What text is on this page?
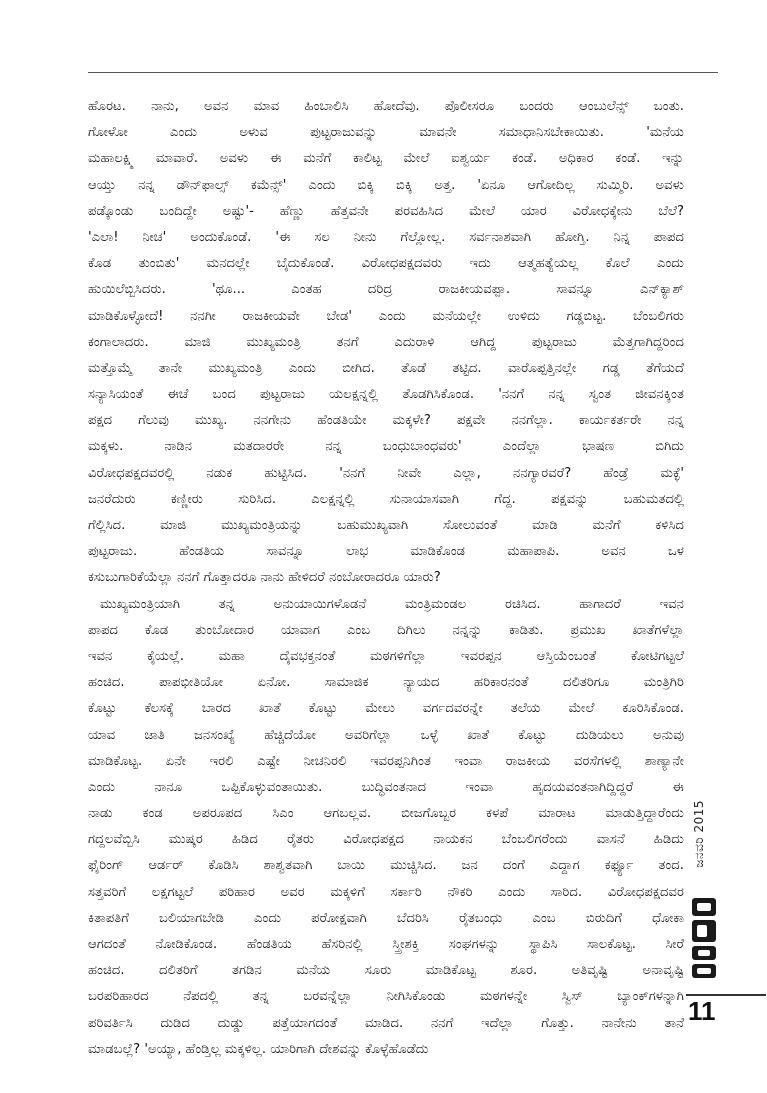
ಹೊರಟ. ನಾನು, ಅವನ ಮಾವ ಹಿಂಬಾಲಿಸಿ ಹೋದೆವು. ಪೊಲೀಸರೂ ಬಂದರು ಆಂಬುಲೆನ್ಸ್ ಬಂತು.
ಗೋಳೋ ಎಂದು ಅಳುವ ಪುಟ್ಟರಾಜುವನ್ನು ಮಾವನೇ ಸಮಾಧಾನಿಸಬೇಕಾಯಿತು. 'ಮನೆಯ
ಮಹಾಲಕ್ಷ್ಮಿ ಮಾವಾರೆ. ಅವಳು ಈ ಮನೆಗೆ ಕಾಲಿಟ್ಟ ಮೇಲೆ ಐಶ್ವರ್ಯ ಕಂಡೆ. ಅಧಿಕಾರ ಕಂಡೆ. ಇನ್ನು
ಆಯ್ತು ನನ್ನ ಡೌನ್‌ಫಾಲ್ಸ್ ಕಮೆನ್ಸ್' ಎಂದು ಬಿಕ್ಕಿ ಬಿಕ್ಕಿ ಅತ್ತ. 'ಏನೂ ಆಗೋದಿಲ್ಲ ಸುಮ್ಮಿರಿ. ಅವಳು
ಪಡ್ಕೊಂಡು ಬಂದಿದ್ದೇ ಅಷ್ಟು'- ಹೆಣ್ಣು ಹೆತ್ತವನೇ ಪರವಹಿಸಿದ ಮೇಲೆ ಯಾರ ವಿರೋಧಕ್ಕೇನು ಬೆಲೆ?
'ಎಲಾ! ನೀಚ' ಅಂದುಕೊಂಡೆ. 'ಈ ಸಲ ನೀನು ಗೆಲ್ಲೋಲ್ಲ. ಸರ್ವನಾಶವಾಗಿ ಹೋಗ್ತಿ. ನಿನ್ನ ಪಾಪದ
ಕೊಡ ತುಂಬಿತು' ಮನದಲ್ಲೇ ಬೈದುಕೊಂಡೆ. ವಿರೋಧಪಕ್ಷದವರು ಇದು ಆತ್ಮಹತ್ಯೆಯಲ್ಲ ಕೊಲೆ ಎಂದು
ಹುಯಿಲೆಬ್ಬಿಸಿದರು. 'ಥೂ... ಎಂತಹ ದರಿದ್ರ ರಾಜಕೀಯವಪ್ಪಾ. ಸಾವನ್ನೂ ಎನ್‌ಕ್ಯಾಶ್
ಮಾಡಿಕೊಳ್ಳೋದೆ! ನನಗೀ ರಾಜಕೀಯವೇ ಬೇಡ' ಎಂದು ಮನೆಯಲ್ಲೇ ಉಳಿದು ಗಡ್ಡಬಿಟ್ಟ. ಬೆಂಬಲಿಗರು
ಕಂಗಾಲಾದರು. ಮಾಜಿ ಮುಖ್ಯಮಂತ್ರಿ ತನಗೆ ಎದುರಾಳಿ ಆಗಿದ್ದ ಪುಟ್ಟರಾಜು ಮೆತ್ತಗಾಗಿದ್ದರಿಂದ
ಮತ್ತೊಮ್ಮೆ ತಾನೇ ಮುಖ್ಯಮಂತ್ರಿ ಎಂದು ಬೀಗಿದ. ತೊಡೆ ತಟ್ಟಿದ. ವಾರೊಪ್ಪತ್ತಿನಲ್ಲೇ ಗಡ್ಡ ತೆಗೆಯದೆ
ಸನ್ಯಾಸಿಯಂತೆ ಈಚೆ ಬಂದ ಪುಟ್ಟರಾಜು ಯಲಕ್ಷನ್ನಲ್ಲಿ ತೊಡಗಿಸಿಕೊಂಡ. 'ನನಗೆ ನನ್ನ ಸ್ವಂತ ಜೀವನಕ್ಕಿಂತ
ಪಕ್ಷದ ಗೆಲುವು ಮುಖ್ಯ. ನನಗೇನು ಹೆಂಡತಿಯೇ ಮಕ್ಕಳೇ? ಪಕ್ಷವೇ ನನಗೆಲ್ಲಾ. ಕಾರ್ಯಕರ್ತರೇ ನನ್ನ
ಮಕ್ಕಳು. ನಾಡಿನ ಮತದಾರರೇ ನನ್ನ ಬಂಧುಬಾಂಧವರು' ಎಂದೆಲ್ಲಾ ಭಾಷಣ ಬಿಗಿದು
ವಿರೋಧಪಕ್ಷದವರಲ್ಲಿ ನಡುಕ ಹುಟ್ಟಿಸಿದ. 'ನನಗೆ ನೀವೇ ಎಲ್ಲಾ, ನನಗ್ಯಾರವರೆ? ಹೆಂಡ್ರೆ ಮಕ್ಳೆ'
ಜನರೆದುರು ಕಣ್ಣೀರು ಸುರಿಸಿದ. ಎಲಕ್ಷನ್ನಲ್ಲಿ ಸುನಾಯಾಸವಾಗಿ ಗೆದ್ದ. ಪಕ್ಷವನ್ನು ಬಹುಮತದಲ್ಲಿ
ಗೆಲ್ಲಿಸಿದ. ಮಾಜಿ ಮುಖ್ಯಮಂತ್ರಿಯನ್ನು ಬಹುಮುಖ್ಯವಾಗಿ ಸೋಲುವಂತೆ ಮಾಡಿ ಮನೆಗೆ ಕಳಿಸಿದ
ಪುಟ್ಟರಾಜು. ಹೆಂಡತಿಯ ಸಾವನ್ನೂ ಲಾಭ ಮಾಡಿಕೊಂಡ ಮಹಾಪಾಪಿ. ಅವನ ಒಳ
ಕಸುಬುಗಾರಿಕೆಯೆಲ್ಲಾ ನನಗೆ ಗೊತ್ತಾದರೂ ನಾನು ಹೇಳಿದರೆ ನಂಬೋರಾದರೂ ಯಾರು?
ಮುಖ್ಯಮಂತ್ರಿಯಾಗಿ ತನ್ನ ಅನುಯಾಯಿಗಳೊಡನೆ ಮಂತ್ರಿಮಂಡಲ ರಚಿಸಿದ. ಹಾಗಾದರೆ ಇವನ
ಪಾಪದ ಕೊಡ ತುಂಬೋದಾರ ಯಾವಾಗ ಎಂಬ ದಿಗಿಲು ನನ್ನನ್ನು ಕಾಡಿತು. ಪ್ರಮುಖ ಖಾತೆಗಳೆಲ್ಲಾ
ಇವನ ಕೈಯಲ್ಲೆ. ಮಹಾ ದೈವಭಕ್ತನಂತೆ ಮಠಗಳಿಗೆಲ್ಲಾ ಇವರಪ್ಪನ ಆಸ್ತಿಯೆಂಬಂತೆ ಕೋಟಿಗಟ್ಟಲೆ
ಹಂಚಿದ. ಪಾಪಭೀತಿಯೋ ಏನೋ. ಸಾಮಾಜಿಕ ನ್ಯಾಯದ ಹರಿಕಾರನಂತೆ ದಲಿತರಿಗೂ ಮಂತ್ರಿಗಿರಿ
ಕೊಟ್ಟು ಕೆಲಸಕ್ಕೆ ಬಾರದ ಖಾತೆ ಕೊಟ್ಟು ಮೇಲು ವರ್ಗದವರನ್ನೇ ತಲೆಯ ಮೇಲೆ ಕೂರಿಸಿಕೊಂಡ.
ಯಾವ ಜಾತಿ ಜನಸಂಖ್ಯೆ ಹೆಚ್ಚಿದೆಯೋ ಅವರಿಗೆಲ್ಲಾ ಒಳ್ಳೆ ಖಾತೆ ಕೊಟ್ಟು ದುಡಿಯಲು ಅನುವು
ಮಾಡಿಕೊಟ್ಟ. ಏನೇ ಇರಲಿ ಎಷ್ಟೇ ನೀಚನಿರಲಿ ಇವರಪ್ಪನಿಗಿಂತ ಇಂವಾ ರಾಜಕೀಯ ವರಸೆಗಳಲ್ಲಿ ಶಾಣ್ಯಾನೇ
ಎಂದು ನಾನೂ ಒಪ್ಪಿಕೊಳ್ಳುವಂತಾಯಿತು. ಬುದ್ಧಿವಂತನಾದ ಇಂವಾ ಹೃದಯವಂತನಾಗಿದ್ದಿದ್ದರೆ ಈ
ನಾಡು ಕಂಡ ಅಪರೂಪದ ಸಿಎಂ ಆಗಬಲ್ಲವ. ಬೀಜಗೊಬ್ಬರ ಕಳಪೆ ಮಾರಾಟ ಮಾಡುತ್ತಿದ್ದಾರೆಂದು
ಗದ್ದಲವೆಬ್ಬಿಸಿ ಮುಷ್ಕರ ಹಿಡಿದ ರೈತರು ವಿರೋಧಪಕ್ಷದ ನಾಯಕನ ಬೆಂಬಲಿಗರೆಂದು ವಾಸನೆ ಹಿಡಿದು
ಫೈರಿಂಗ್ ಆರ್ಡರ್ ಕೊಡಿಸಿ ಶಾಶ್ವತವಾಗಿ ಬಾಯಿ ಮುಚ್ಚಿಸಿದ. ಜನ ದಂಗೆ ಎದ್ದಾಗ ಕರ್ಫ್ಯೂ ತಂದ.
ಸತ್ತವರಿಗೆ ಲಕ್ಷಗಟ್ಟಲೆ ಪರಿಹಾರ ಅವರ ಮಕ್ಕಳಿಗೆ ಸರ್ಕಾರಿ ನೌಕರಿ ಎಂದು ಸಾರಿದ. ವಿರೋಧಪಕ್ಷದವರ
ಕಿತಾಪತಿಗೆ ಬಲಿಯಾಗಬೇಡಿ ಎಂದು ಪರೋಕ್ಷವಾಗಿ ಬೆದರಿಸಿ ರೈತಬಂಧು ಎಂಬ ಬಿರುದಿಗೆ ಧೋಕಾ
ಆಗದಂತೆ ನೋಡಿಕೊಂಡ. ಹೆಂಡತಿಯ ಹೆಸರಿನಲ್ಲಿ ಸ್ತ್ರೀಶಕ್ತಿ ಸಂಘಗಳನ್ನು ಸ್ಥಾಪಿಸಿ ಸಾಲಕೊಟ್ಟ. ಸೀರೆ
ಹಂಚಿದ. ದಲಿತರಿಗೆ ತಗಡಿನ ಮನೆಯ ಸೂರು ಮಾಡಿಕೊಟ್ಟ ಶೂರ. ಅತಿವೃಷ್ಟಿ ಅನಾವೃಷ್ಟಿ
ಬರಪರಿಹಾರದ ನೆಪದಲ್ಲಿ ತನ್ನ ಬರವನ್ನೆಲ್ಲಾ ನೀಗಿಸಿಕೊಂಡು ಮಠಗಳನ್ನೇ ಸ್ವಿಸ್ ಬ್ಯಾಂಕ್‌ಗಳನ್ನಾಗಿ
ಪರಿವರ್ತಿಸಿ ದುಡಿದ ದುಡ್ಡು ಪತ್ತೆಯಾಗದಂತೆ ಮಾಡಿದ. ನನಗೆ ಇದೆಲ್ಲಾ ಗೊತ್ತು. ನಾನೇನು ತಾನೆ
ಮಾಡಬಲ್ಲೆ? 'ಅಯ್ಯಾ, ಹೆಂಡ್ತಿಲ್ಲ ಮಕ್ಕಳಿಲ್ಲ. ಯಾರಿಗಾಗಿ ದೇಶವನ್ನು ಕೊಳ್ಳೆಹೊಡೆದು
ಜನವರಿ 2015
11
